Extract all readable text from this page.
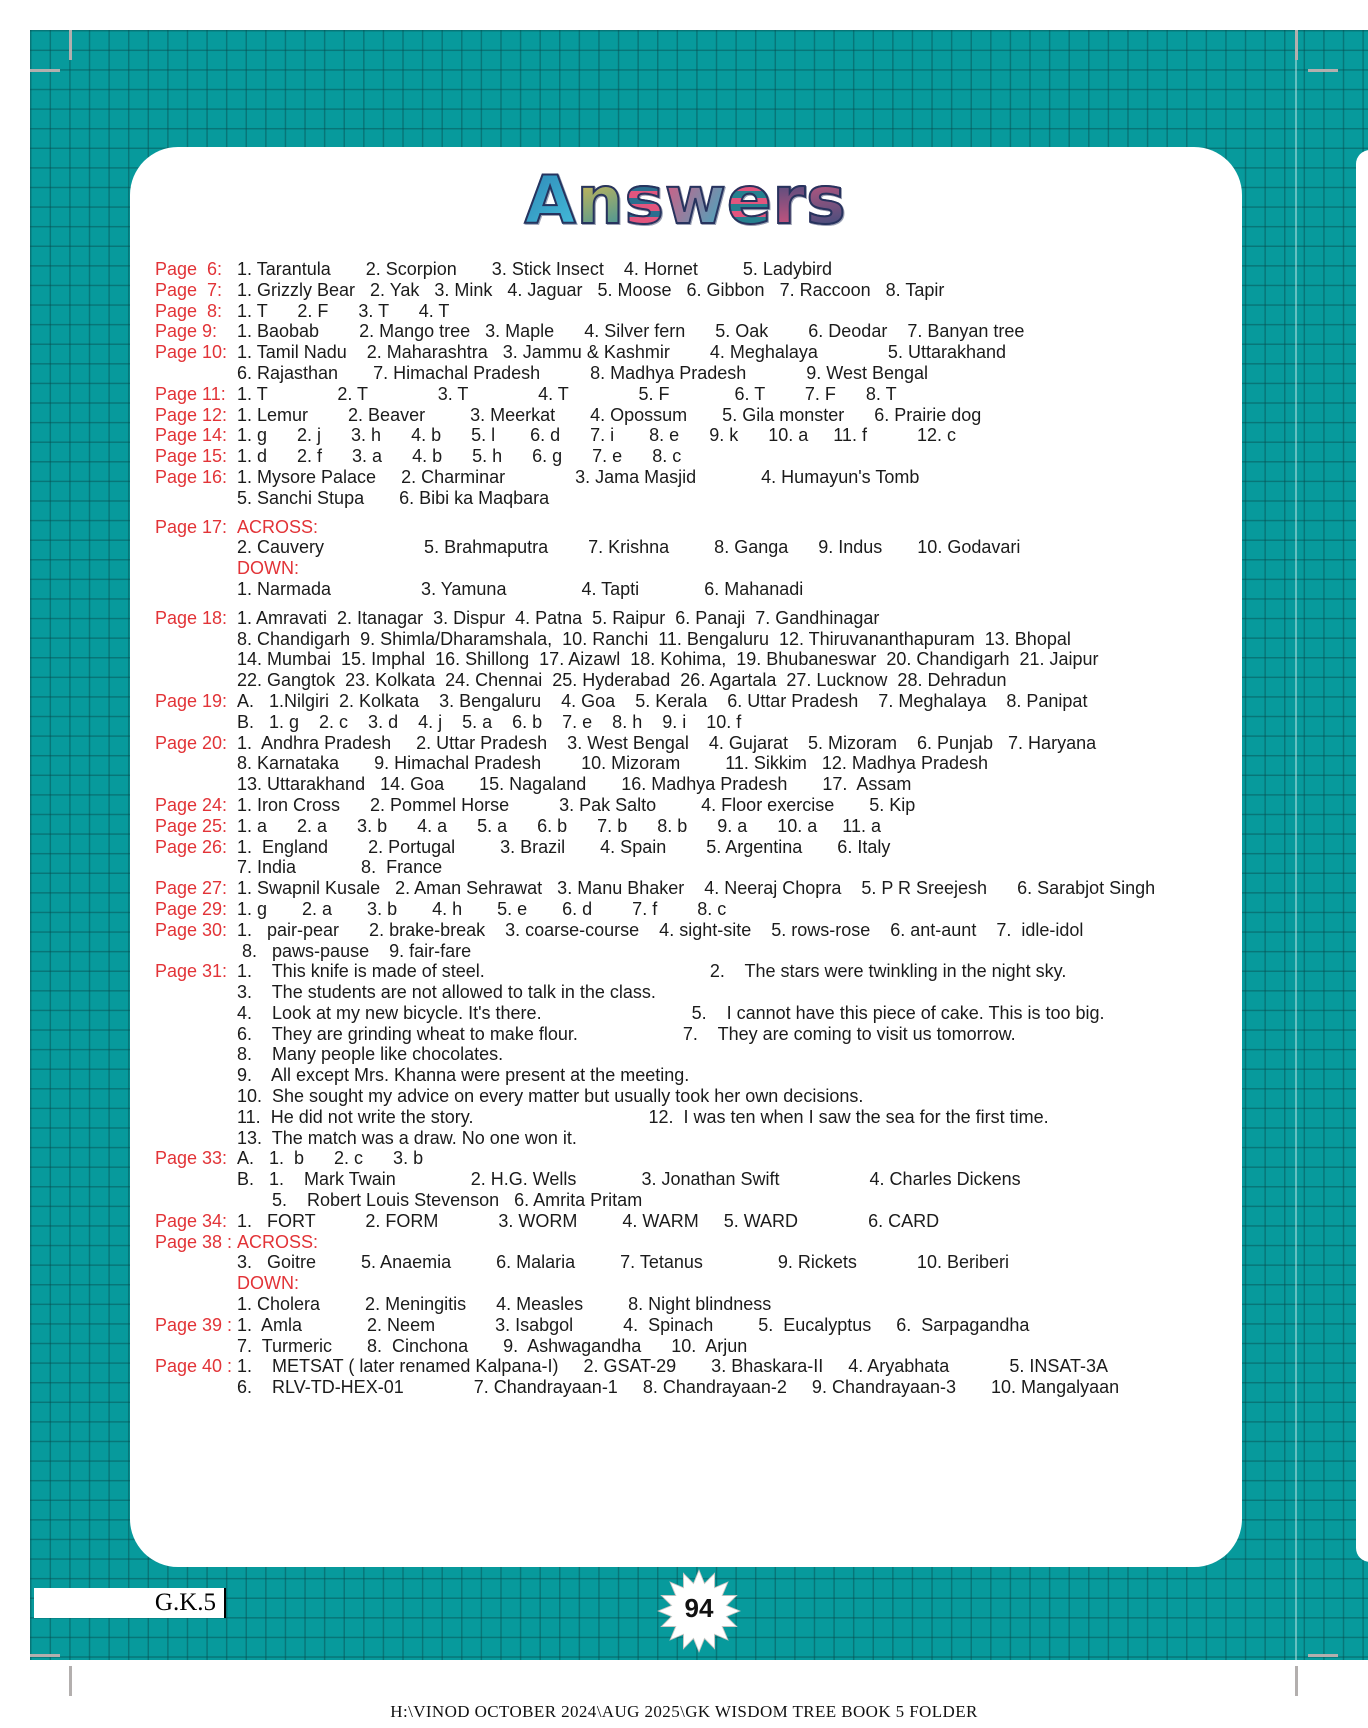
Answers
Page  6: 1. Tarantula       2. Scorpion       3. Stick Insect    4. Hornet         5. Ladybird
Page  7: 1. Grizzly Bear   2. Yak   3. Mink   4. Jaguar   5. Moose   6. Gibbon   7. Raccoon   8. Tapir
Page  8: 1. T      2. F      3. T      4. T
Page 9:	1. Baobab        2. Mango tree   3. Maple      4. Silver fern      5. Oak        6. Deodar    7. Banyan tree
Page 10: 1. Tamil Nadu    2. Maharashtra   3. Jammu & Kashmir        4. Meghalaya              5. Uttarakhand
6. Rajasthan       7. Himachal Pradesh          8. Madhya Pradesh            9. West Bengal
Page 11: 1. T              2. T              3. T              4. T              5. F             6. T        7. F      8. T
Page 12: 1. Lemur        2. Beaver         3. Meerkat       4. Opossum       5. Gila monster      6. Prairie dog
Page 14: 1. g      2. j      3. h      4. b      5. l       6. d      7. i       8. e      9. k      10. a     11. f          12. c
Page 15: 1. d      2. f      3. a      4. b      5. h      6. g      7. e      8. c
Page 16: 1. Mysore Palace     2. Charminar              3. Jama Masjid             4. Humayun's Tomb
5. Sanchi Stupa       6. Bibi ka Maqbara
Page 17: ACROSS:
2. Cauvery                    5. Brahmaputra        7. Krishna         8. Ganga      9. Indus       10. Godavari
DOWN:
1. Narmada                  3. Yamuna               4. Tapti             6. Mahanadi
Page 18: 1. Amravati  2. Itanagar  3. Dispur  4. Patna  5. Raipur  6. Panaji  7. Gandhinagar
8. Chandigarh  9. Shimla/Dharamshala,  10. Ranchi  11. Bengaluru  12. Thiruvananthapuram  13. Bhopal
14. Mumbai  15. Imphal  16. Shillong  17. Aizawl  18. Kohima,  19. Bhubaneswar  20. Chandigarh  21. Jaipur
22. Gangtok  23. Kolkata  24. Chennai  25. Hyderabad  26. Agartala  27. Lucknow  28. Dehradun
Page 19: A.   1.Nilgiri  2. Kolkata    3. Bengaluru    4. Goa    5. Kerala    6. Uttar Pradesh    7. Meghalaya    8. Panipat
B.   1. g    2. c    3. d    4. j    5. a    6. b    7. e    8. h    9. i    10. f
Page 20: 1.  Andhra Pradesh     2. Uttar Pradesh    3. West Bengal    4. Gujarat    5. Mizoram    6. Punjab   7. Haryana
8. Karnataka       9. Himachal Pradesh        10. Mizoram         11. Sikkim   12. Madhya Pradesh
13. Uttarakhand   14. Goa       15. Nagaland       16. Madhya Pradesh       17.  Assam
Page 24: 1. Iron Cross      2. Pommel Horse          3. Pak Salto         4. Floor exercise       5. Kip
Page 25: 1. a      2. a      3. b      4. a      5. a      6. b      7. b      8. b      9. a      10. a     11. a
Page 26: 1.  England        2. Portugal         3. Brazil       4. Spain        5. Argentina       6. Italy
7. India             8.  France
Page 27: 1. Swapnil Kusale   2. Aman Sehrawat   3. Manu Bhaker    4. Neeraj Chopra    5. P R Sreejesh      6. Sarabjot Singh
Page 29: 1. g       2. a       3. b       4. h       5. e       6. d        7. f        8. c
Page 30: 1.   pair-pear      2. brake-break    3. coarse-course    4. sight-site    5. rows-rose    6. ant-aunt    7.  idle-idol
8.   paws-pause    9. fair-fare
Page 31: 1.    This knife is made of steel.                                             2.    The stars were twinkling in the night sky.
3.    The students are not allowed to talk in the class.
4.    Look at my new bicycle. It's there.                              5.    I cannot have this piece of cake. This is too big.
6.    They are grinding wheat to make flour.                     7.    They are coming to visit us tomorrow.
8.    Many people like chocolates.
9.    All except Mrs. Khanna were present at the meeting.
10.  She sought my advice on every matter but usually took her own decisions.
11.  He did not write the story.                                   12.  I was ten when I saw the sea for the first time.
13.  The match was a draw. No one won it.
Page 33: A.   1.  b      2. c      3. b
B.   1.    Mark Twain               2. H.G. Wells             3. Jonathan Swift                  4. Charles Dickens
5.    Robert Louis Stevenson   6. Amrita Pritam
Page 34: 1.   FORT          2. FORM            3. WORM         4. WARM     5. WARD              6. CARD
Page 38 : ACROSS:
3.   Goitre         5. Anaemia         6. Malaria         7. Tetanus               9. Rickets            10. Beriberi
DOWN:
1. Cholera         2. Meningitis      4. Measles         8. Night blindness
Page 39 : 1.  Amla             2. Neem            3. Isabgol          4.  Spinach         5.  Eucalyptus     6.  Sarpagandha
7.  Turmeric       8.  Cinchona       9.  Ashwagandha      10.  Arjun
Page 40 : 1.    METSAT ( later renamed Kalpana-I)     2. GSAT-29       3. Bhaskara-II     4. Aryabhata            5. INSAT-3A
6.    RLV-TD-HEX-01              7. Chandrayaan-1     8. Chandrayaan-2     9. Chandrayaan-3       10. Mangalyaan
G.K.5	94
H:\VINOD OCTOBER 2024\AUG 2025\GK WISDOM TREE BOOK 5 FOLDER
